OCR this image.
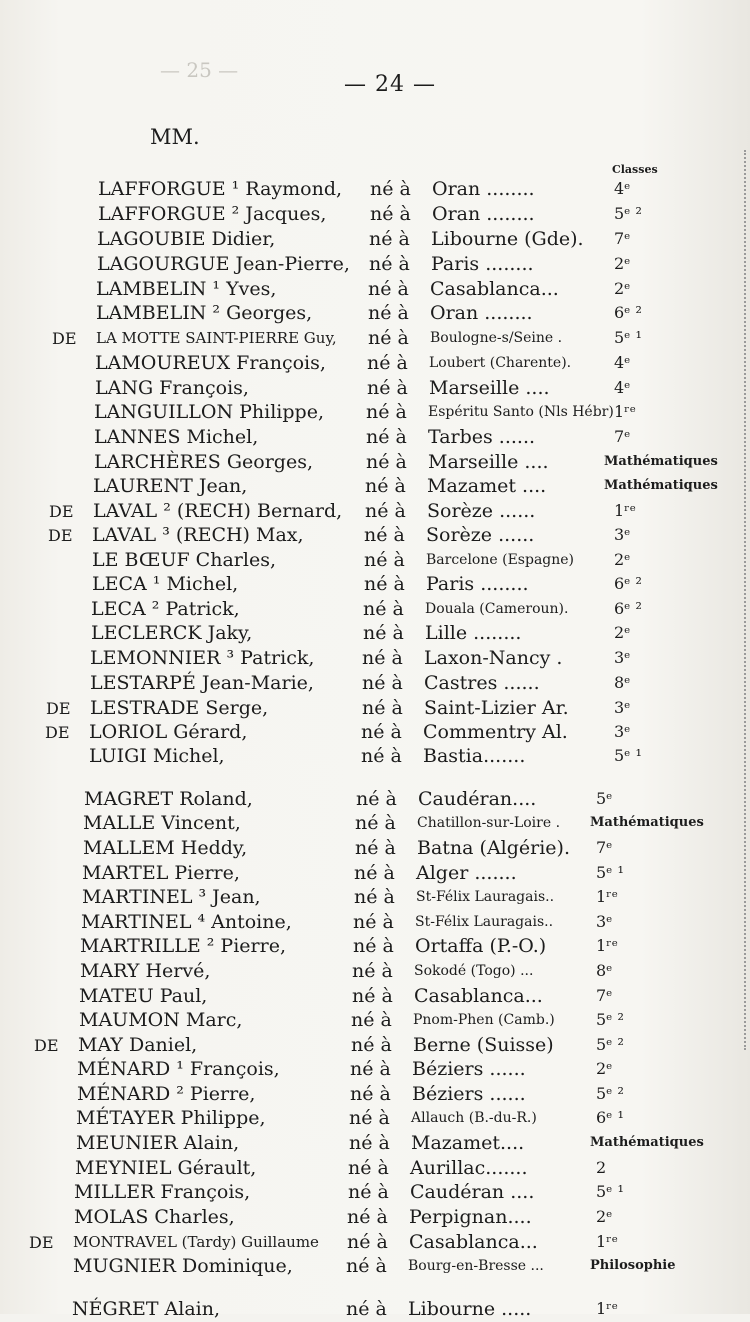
— 25 —
— 24 —
MM.
Classes
LAFFORGUE ¹ Raymond, né à Oran ........	4ᵉ
LAFFORGUE ² Jacques, né à Oran ........	5ᵉ ²
LAGOUBIE Didier,	né à Libourne (Gde). 7ᵉ
LAGOURGUE Jean-Pierre, né à Paris ........	2ᵉ
LAMBELIN ¹ Yves,	né à Casablanca...	2ᵉ
LAMBELIN ² Georges,	né à Oran ........	6ᵉ ²
DE LA MOTTE SAINT-PIERRE Guy, né à Boulogne-s/Seine .	5ᵉ ¹
LAMOUREUX François, né à Loubert (Charente).	4ᵉ
LANG François,	né à Marseille ....	4ᵉ
LANGUILLON Philippe, né à Espéritu Santo (Nls Hébr) 1ʳᵉ
LANNES Michel,	né à Tarbes ......	7ᵉ
LARCHÈRES Georges,	né à Marseille ....	Mathématiques
LAURENT Jean,	né à Mazamet ....	Mathématiques
DE LAVAL ² (RECH) Bernard, né à Sorèze ......	1ʳᵉ
DE LAVAL ³ (RECH) Max,	né à Sorèze ......	3ᵉ
LE BŒUF Charles,	né à Barcelone (Espagne) 2ᵉ
LECA ¹ Michel,	né à Paris ........	6ᵉ ²
LECA ² Patrick,	né à Douala (Cameroun).	6ᵉ ²
LECLERCK Jaky,	né à Lille ........	2ᵉ
LEMONNIER ³ Patrick,	né à Laxon-Nancy .	3ᵉ
LESTARPÉ Jean-Marie,	né à Castres ......	8ᵉ
DE LESTRADE Serge,	né à Saint-Lizier Ar.	3ᵉ
DE LORIOL Gérard,	né à Commentry Al.	3ᵉ
LUIGI Michel,	né à Bastia.......	5ᵉ ¹
MAGRET Roland,	né à Caudéran....	5ᵉ
MALLE Vincent,	né à Chatillon-sur-Loire . Mathématiques
MALLEM Heddy,	né à Batna (Algérie). 7ᵉ
MARTEL Pierre,	né à Alger .......	5ᵉ ¹
MARTINEL ³ Jean,	né à St-Félix Lauragais..	1ʳᵉ
MARTINEL ⁴ Antoine,	né à St-Félix Lauragais..	3ᵉ
MARTRILLE ² Pierre,	né à Ortaffa (P.-O.)	1ʳᵉ
MARY Hervé,	né à Sokodé (Togo) ...	8ᵉ
MATEU Paul,	né à Casablanca...	7ᵉ
MAUMON Marc,	né à Pnom-Phen (Camb.)	5ᵉ ²
DE MAY Daniel,	né à Berne (Suisse)	5ᵉ ²
MÉNARD ¹ François,	né à Béziers ......	2ᵉ
MÉNARD ² Pierre,	né à Béziers ......	5ᵉ ²
MÉTAYER Philippe,	né à Allauch (B.-du-R.)	6ᵉ ¹
MEUNIER Alain,	né à Mazamet....	Mathématiques
MEYNIEL Gérault,	né à Aurillac.......	2
MILLER François,	né à Caudéran ....	5ᵉ ¹
MOLAS Charles,	né à Perpignan....	2ᵉ
DE MONTRAVEL (Tardy) Guillaume né à Casablanca...	1ʳᵉ
MUGNIER Dominique,	né à Bourg-en-Bresse ...	Philosophie
NÉGRET Alain,	né à Libourne .....	1ʳᵉ
